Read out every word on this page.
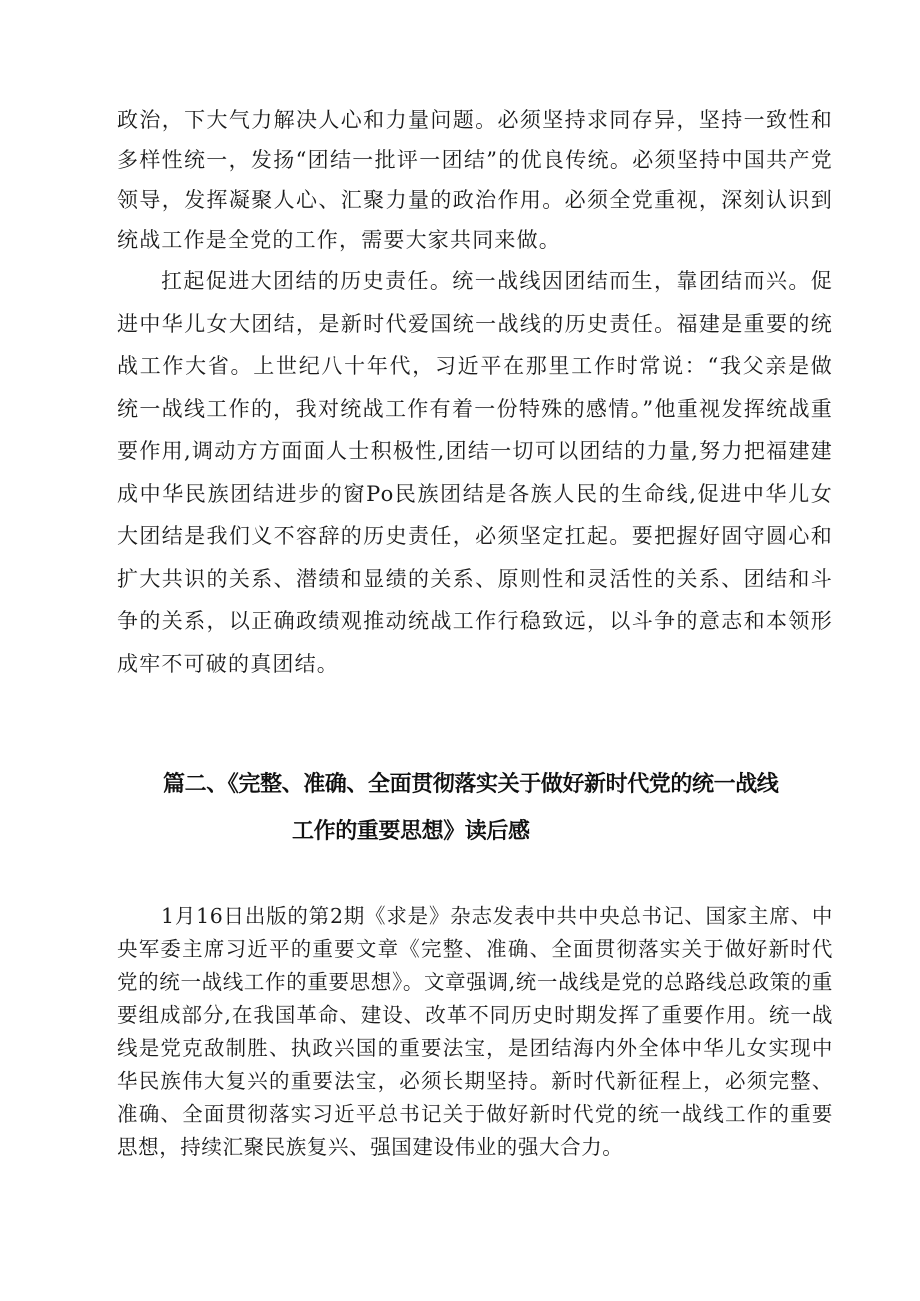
政治，下大气力解决人心和力量问题。必须坚持求同存异，坚持一致性和多样性统一，发扬“团结一批评一团结”的优良传统。必须坚持中国共产党领导，发挥凝聚人心、汇聚力量的政治作用。必须全党重视，深刻认识到统战工作是全党的工作，需要大家共同来做。

扛起促进大团结的历史责任。统一战线因团结而生，靠团结而兴。促进中华儿女大团结，是新时代爱国统一战线的历史责任。福建是重要的统战工作大省。上世纪八十年代，习近平在那里工作时常说：“我父亲是做统一战线工作的，我对统战工作有着一份特殊的感情。”他重视发挥统战重要作用,调动方方面面人士积极性,团结一切可以团结的力量,努力把福建建成中华民族团结进步的窗Po民族团结是各族人民的生命线,促进中华儿女大团结是我们义不容辞的历史责任，必须坚定扛起。要把握好固守圆心和扩大共识的关系、潜绩和显绩的关系、原则性和灵活性的关系、团结和斗争的关系，以正确政绩观推动统战工作行稳致远，以斗争的意志和本领形成牢不可破的真团结。

篇二、《完整、准确、全面贯彻落实关于做好新时代党的统一战线
工作的重要思想》读后感

1月16日出版的第2期《求是》杂志发表中共中央总书记、国家主席、中央军委主席习近平的重要文章《完整、准确、全面贯彻落实关于做好新时代党的统一战线工作的重要思想》。文章强调,统一战线是党的总路线总政策的重要组成部分,在我国革命、建设、改革不同历史时期发挥了重要作用。统一战线是党克敌制胜、执政兴国的重要法宝，是团结海内外全体中华儿女实现中华民族伟大复兴的重要法宝，必须长期坚持。新时代新征程上，必须完整、准确、全面贯彻落实习近平总书记关于做好新时代党的统一战线工作的重要思想，持续汇聚民族复兴、强国建设伟业的强大合力。
